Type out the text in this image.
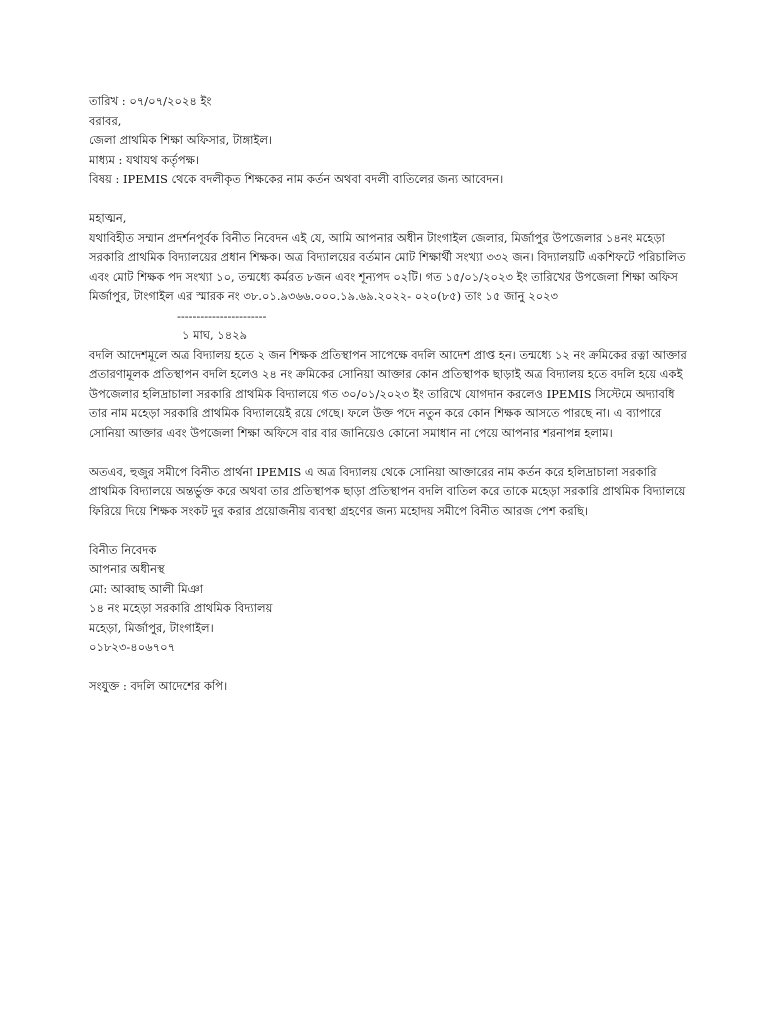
তারিখ : ০৭/০৭/২০২৪ ইং
বরাবর,
জেলা প্রাথমিক শিক্ষা অফিসার, টাঙ্গাইল।
মাধ্যম : যথাযথ কর্তৃপক্ষ।
বিষয় : IPEMIS থেকে বদলীকৃত শিক্ষকের নাম কর্তন অথবা বদলী বাতিলের জন্য আবেদন।
মহাত্মন,
যথাবিহীত সম্মান প্রদর্শনপূর্বক বিনীত নিবেদন এই যে, আমি আপনার অধীন টাংগাইল জেলার, মির্জাপুর উপজেলার ১৪নং মহেড়া সরকারি প্রাথমিক বিদ্যালয়ের প্রধান শিক্ষক। অত্র বিদ্যালয়ের বর্তমান মোট শিক্ষার্থী সংখ্যা ৩৩২ জন। বিদ্যালয়টি একশিফটে পরিচালিত এবং মোট শিক্ষক পদ সংখ্যা ১০, তন্মধ্যে কর্মরত ৮জন এবং শূন্যপদ ০২টি। গত ১৫/০১/২০২৩ ইং তারিখের উপজেলা শিক্ষা অফিস মির্জাপুর, টাংগাইল এর স্মারক নং ৩৮.০১.৯৩৬৬.০০০.১৯.৬৯.২০২২- ০২০(৮৫) তাং ১৫ জানু ২০২৩
-----------------------
১ মাঘ, ১৪২৯
বদলি আদেশমূলে অত্র বিদ্যালয় হতে ২ জন শিক্ষক প্রতিস্থাপন সাপেক্ষে বদলি আদেশ প্রাপ্ত হন। তন্মধ্যে ১২ নং ক্রমিকের রত্না আক্তার প্রতারণামূলক প্রতিস্থাপন বদলি হলেও ২৪ নং ক্রমিকের সোনিয়া আক্তার কোন প্রতিস্থাপক ছাড়াই অত্র বিদ্যালয় হতে বদলি হয়ে একই উপজেলার হলিদ্রাচালা সরকারি প্রাথমিক বিদ্যালয়ে গত ৩০/০১/২০২৩ ইং তারিখে যোগদান করলেও IPEMIS সিস্টেমে অদ্যাবধি তার নাম মহেড়া সরকারি প্রাথমিক বিদ্যালয়েই রয়ে গেছে। ফলে উক্ত পদে নতুন করে কোন শিক্ষক আসতে পারছে না। এ ব্যাপারে সোনিয়া আক্তার এবং উপজেলা শিক্ষা অফিসে বার বার জানিয়েও কোনো সমাধান না পেয়ে আপনার শরনাপন্ন হলাম।
অতএব, হুজুর সমীপে বিনীত প্রার্থনা IPEMIS এ অত্র বিদ্যালয় থেকে সোনিয়া আক্তারের নাম কর্তন করে হলিদ্রাচালা সরকারি প্রাথমিক বিদ্যালয়ে অন্তর্ভুক্ত করে অথবা তার প্রতিস্থাপক ছাড়া প্রতিস্থাপন বদলি বাতিল করে তাকে মহেড়া সরকারি প্রাথমিক বিদ্যালয়ে ফিরিয়ে দিয়ে শিক্ষক সংকট দুর করার প্রয়োজনীয় ব্যবস্থা গ্রহণের জন্য মহোদয় সমীপে বিনীত আরজ পেশ করছি।
বিনীত নিবেদক
আপনার অধীনস্থ
মো: আব্বাছ আলী মিঞা
১৪ নং মহেড়া সরকারি প্রাথমিক বিদ্যালয়
মহেড়া, মির্জাপুর, টাংগাইল।
০১৮২৩-৪০৬৭০৭
সংযুক্ত : বদলি আদেশের কপি।
